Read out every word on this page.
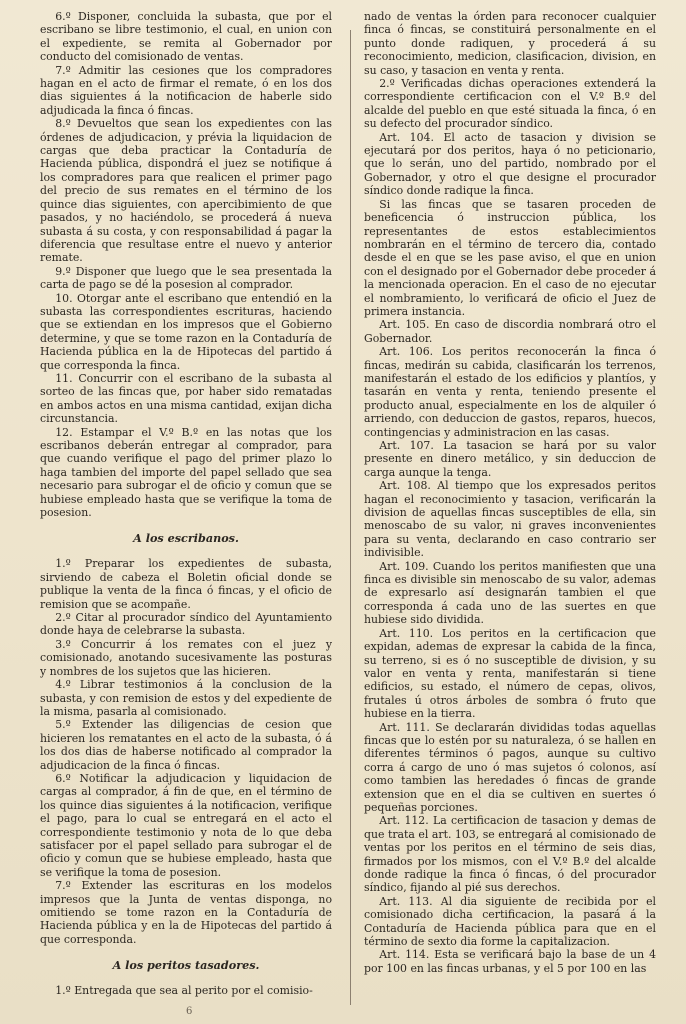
6.º Disponer, concluida la subasta, que por el escribano se libre testimonio, el cual, en union con el expediente, se remita al Gobernador por conducto del comisionado de ventas.

7.º Admitir las cesiones que los compradores hagan en el acto de firmar el remate, ó en los dos dias siguientes á la notificacion de haberle sido adjudicada la finca ó fincas.

8.º Devueltos que sean los expedientes con las órdenes de adjudicacion, y prévia la liquidacion de cargas que deba practicar la Contaduría de Hacienda pública, dispondrá el juez se notifique á los compradores para que realicen el primer pago del precio de sus remates en el término de los quince dias siguientes, con apercibimiento de que pasados, y no haciéndolo, se procederá á nueva subasta á su costa, y con responsabilidad á pagar la diferencia que resultase entre el nuevo y anterior remate.

9.º Disponer que luego que le sea presentada la carta de pago se dé la posesion al comprador.

10. Otorgar ante el escribano que entendió en la subasta las correspondientes escrituras, haciendo que se extiendan en los impresos que el Gobierno determine, y que se tome razon en la Contaduría de Hacienda pública en la de Hipotecas del partido á que corresponda la finca.

11. Concurrir con el escribano de la subasta al sorteo de las fincas que, por haber sido rematadas en ambos actos en una misma cantidad, exijan dicha circunstancia.

12. Estampar el V.º B.º en las notas que los escribanos deberán entregar al comprador, para que cuando verifique el pago del primer plazo lo haga tambien del importe del papel sellado que sea necesario para subrogar el de oficio y comun que se hubiese empleado hasta que se verifique la toma de posesion.

A los escribanos.

1.º Preparar los expedientes de subasta, sirviendo de cabeza el Boletin oficial donde se publique la venta de la finca ó fincas, y el oficio de remision que se acompañe.

2.º Citar al procurador síndico del Ayuntamiento donde haya de celebrarse la subasta.

3.º Concurrir á los remates con el juez y comisionado, anotando sucesivamente las posturas y nombres de los sujetos que las hicieren.

4.º Librar testimonios á la conclusion de la subasta, y con remision de estos y del expediente de la misma, pasarla al comisionado.

5.º Extender las diligencias de cesion que hicieren los rematantes en el acto de la subasta, ó á los dos dias de haberse notificado al comprador la adjudicacion de la finca ó fincas.

6.º Notificar la adjudicacion y liquidacion de cargas al comprador, á fin de que, en el término de los quince dias siguientes á la notificacion, verifique el pago, para lo cual se entregará en el acto el correspondiente testimonio y nota de lo que deba satisfacer por el papel sellado para subrogar el de oficio y comun que se hubiese empleado, hasta que se verifique la toma de posesion.

7.º Extender las escrituras en los modelos impresos que la Junta de ventas disponga, no omitiendo se tome razon en la Contaduría de Hacienda pública y en la de Hipotecas del partido á que corresponda.

A los peritos tasadores.

1.º Entregada que sea al perito por el comisio-

nado de ventas la órden para reconocer cualquier finca ó fincas, se constituirá personalmente en el punto donde radiquen, y procederá á su reconocimiento, medicion, clasificacion, division, en su caso, y tasacion en venta y renta.

2.º Verificadas dichas operaciones extenderá la correspondiente certificacion con el V.º B.º del alcalde del pueblo en que esté situada la finca, ó en su defecto del procurador síndico.

Art. 104. El acto de tasacion y division se ejecutará por dos peritos, haya ó no peticionario, que lo serán, uno del partido, nombrado por el Gobernador, y otro el que designe el procurador síndico donde radique la finca.

Si las fincas que se tasaren proceden de beneficencia ó instruccion pública, los representantes de estos establecimientos nombrarán en el término de tercero dia, contado desde el en que se les pase aviso, el que en union con el designado por el Gobernador debe proceder á la mencionada operacion. En el caso de no ejecutar el nombramiento, lo verificará de oficio el Juez de primera instancia.

Art. 105. En caso de discordia nombrará otro el Gobernador.

Art. 106. Los peritos reconocerán la finca ó fincas, medirán su cabida, clasificarán los terrenos, manifestarán el estado de los edificios y plantíos, y tasarán en venta y renta, teniendo presente el producto anual, especialmente en los de alquiler ó arriendo, con deduccion de gastos, reparos, huecos, contingencias y administracion en las casas.

Art. 107. La tasacion se hará por su valor presente en dinero metálico, y sin deduccion de carga aunque la tenga.

Art. 108. Al tiempo que los expresados peritos hagan el reconocimiento y tasacion, verificarán la division de aquellas fincas susceptibles de ella, sin menoscabo de su valor, ni graves inconvenientes para su venta, declarando en caso contrario ser indivisible.

Art. 109. Cuando los peritos manifiesten que una finca es divisible sin menoscabo de su valor, ademas de expresarlo así designarán tambien el que corresponda á cada uno de las suertes en que hubiese sido dividida.

Art. 110. Los peritos en la certificacion que expidan, ademas de expresar la cabida de la finca, su terreno, si es ó no susceptible de division, y su valor en venta y renta, manifestarán si tiene edificios, su estado, el número de cepas, olivos, frutales ú otros árboles de sombra ó fruto que hubiese en la tierra.

Art. 111. Se declararán divididas todas aquellas fincas que lo estén por su naturaleza, ó se hallen en diferentes términos ó pagos, aunque su cultivo corra á cargo de uno ó mas sujetos ó colonos, así como tambien las heredades ó fincas de grande extension que en el dia se cultiven en suertes ó pequeñas porciones.

Art. 112. La certificacion de tasacion y demas de que trata el art. 103, se entregará al comisionado de ventas por los peritos en el término de seis dias, firmados por los mismos, con el V.º B.º del alcalde donde radique la finca ó fincas, ó del procurador síndico, fijando al pié sus derechos.

Art. 113. Al dia siguiente de recibida por el comisionado dicha certificacion, la pasará á la Contaduría de Hacienda pública para que en el término de sexto dia forme la capitalizacion.

Art. 114. Esta se verificará bajo la base de un 4 por 100 en las fincas urbanas, y el 5 por 100 en las

6
